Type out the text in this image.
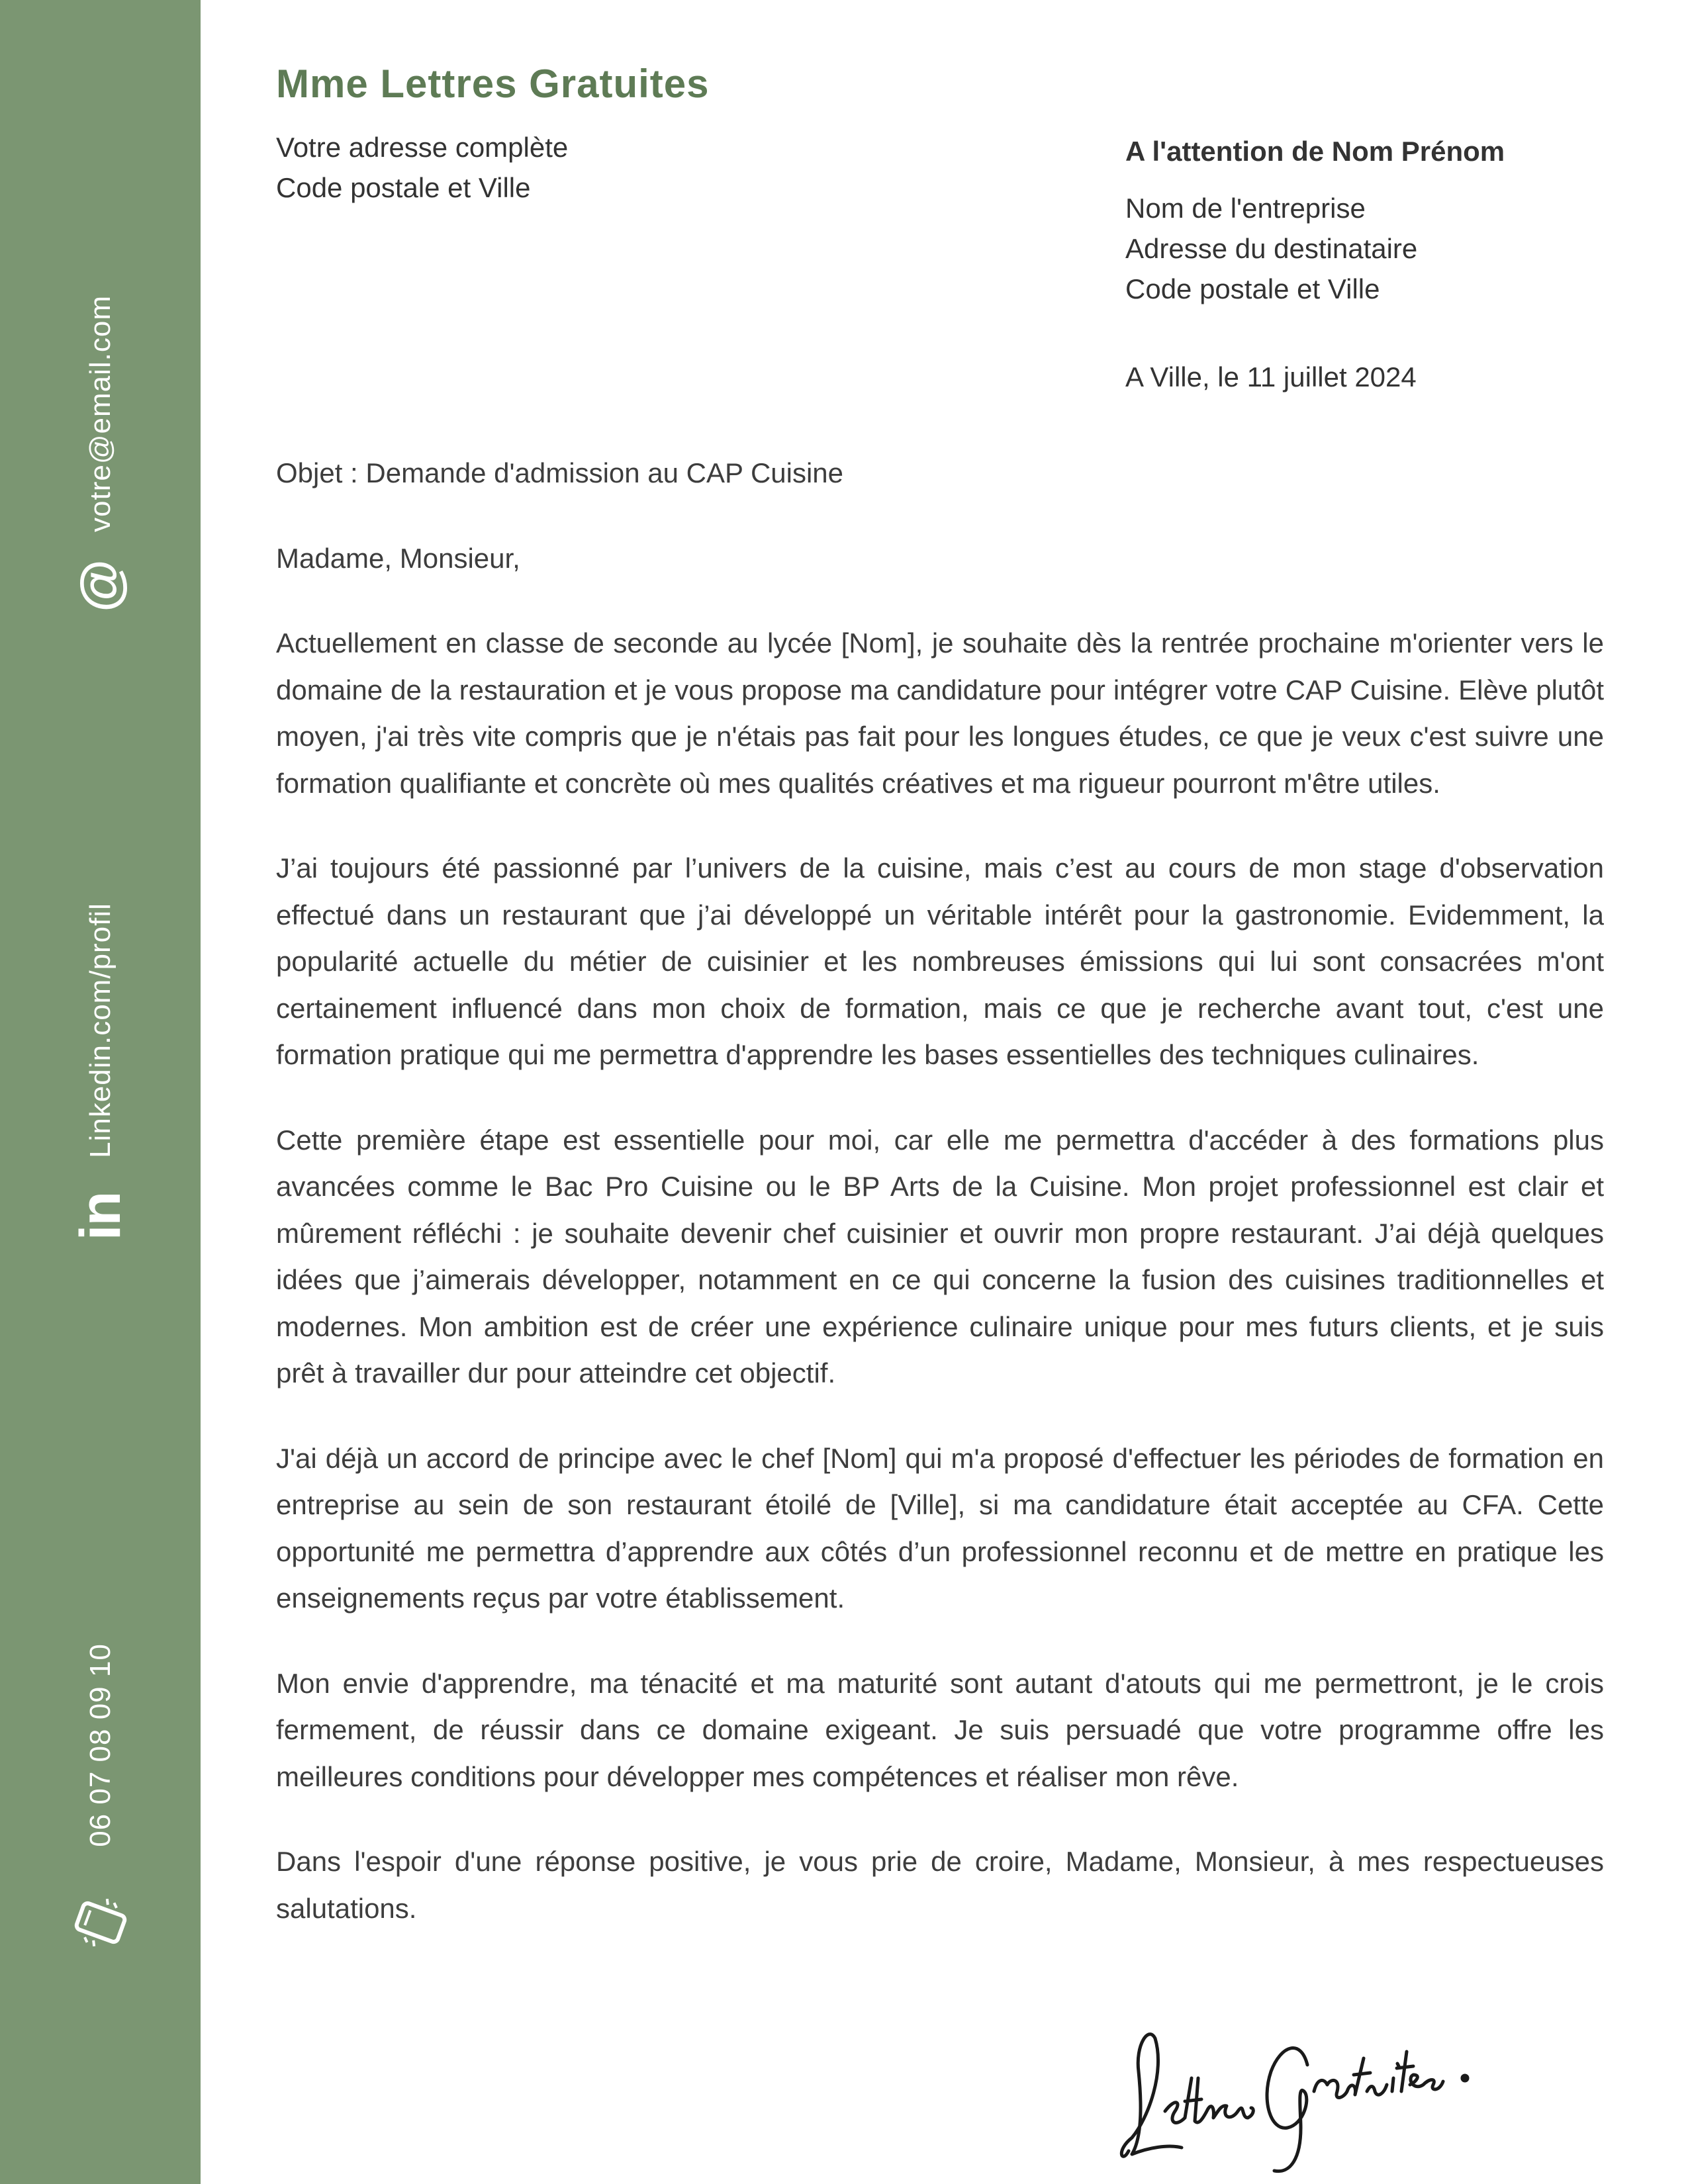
votre@email.com
@
Linkedin.com/profil
in
06 07 08 09 10
Mme Lettres Gratuites
Votre adresse complète
Code postale et Ville
A l'attention de Nom Prénom
Nom de l'entreprise
Adresse du destinataire
Code postale et Ville
A Ville, le 11 juillet 2024

Objet : Demande d'admission au CAP Cuisine

Madame, Monsieur,

Actuellement en classe de seconde au lycée [Nom], je souhaite dès la rentrée prochaine m'orienter vers le domaine de la restauration et je vous propose ma candidature pour intégrer votre CAP Cuisine. Elève plutôt moyen, j'ai très vite compris que je n'étais pas fait pour les longues études, ce que je veux c'est suivre une formation qualifiante et concrète où mes qualités créatives et ma rigueur pourront m'être utiles.

J’ai toujours été passionné par l’univers de la cuisine, mais c’est au cours de mon stage d'observation effectué dans un restaurant que j’ai développé un véritable intérêt pour la gastronomie. Evidemment, la popularité actuelle du métier de cuisinier et les nombreuses émissions qui lui sont consacrées m'ont certainement influencé dans mon choix de formation, mais ce que je recherche avant tout, c'est une formation pratique qui me permettra d'apprendre les bases essentielles des techniques culinaires.

Cette première étape est essentielle pour moi, car elle me permettra d'accéder à des formations plus avancées comme le Bac Pro Cuisine ou le BP Arts de la Cuisine. Mon projet professionnel est clair et mûrement réfléchi : je souhaite devenir chef cuisinier et ouvrir mon propre restaurant. J’ai déjà quelques idées que j’aimerais développer, notamment en ce qui concerne la fusion des cuisines traditionnelles et modernes. Mon ambition est de créer une expérience culinaire unique pour mes futurs clients, et je suis prêt à travailler dur pour atteindre cet objectif.

J'ai déjà un accord de principe avec le chef [Nom] qui m'a proposé d'effectuer les périodes de formation en entreprise au sein de son restaurant étoilé de [Ville], si ma candidature était acceptée au CFA. Cette opportunité me permettra d’apprendre aux côtés d’un professionnel reconnu et de mettre en pratique les enseignements reçus par votre établissement.

Mon envie d'apprendre, ma ténacité et ma maturité sont autant d'atouts qui me permettront, je le crois fermement, de réussir dans ce domaine exigeant. Je suis persuadé que votre programme offre les meilleures conditions pour développer mes compétences et réaliser mon rêve.

Dans l'espoir d'une réponse positive, je vous prie de croire, Madame, Monsieur, à mes respectueuses salutations.
